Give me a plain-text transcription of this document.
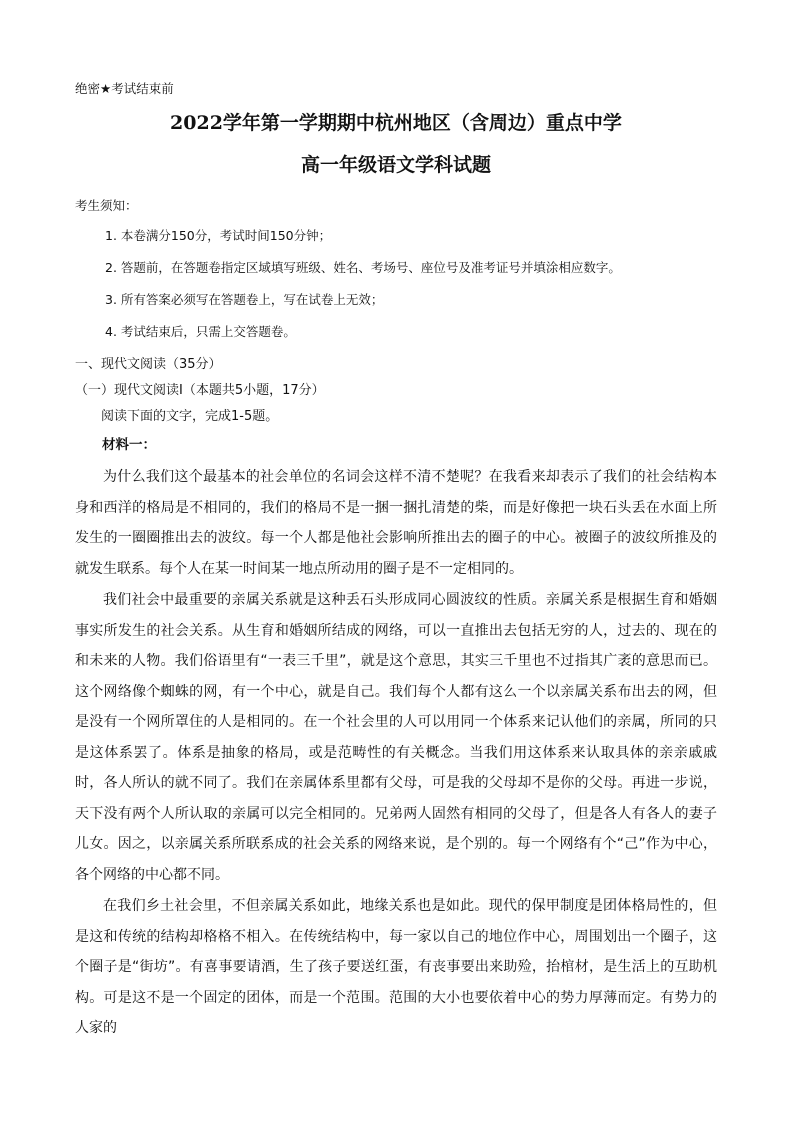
绝密★考试结束前

2022学年第一学期期中杭州地区（含周边）重点中学
高一年级语文学科试题

考生须知：

1. 本卷满分150分，考试时间150分钟；

2. 答题前，在答题卷指定区域填写班级、姓名、考场号、座位号及准考证号并填涂相应数字。

3. 所有答案必须写在答题卷上，写在试卷上无效；

4. 考试结束后，只需上交答题卷。

一、现代文阅读（35分）

（一）现代文阅读Ⅰ（本题共5小题，17分）

阅读下面的文字，完成1-5题。

材料一：

为什么我们这个最基本的社会单位的名词会这样不清不楚呢？在我看来却表示了我们的社会结构本身和西洋的格局是不相同的，我们的格局不是一捆一捆扎清楚的柴，而是好像把一块石头丢在水面上所发生的一圈圈推出去的波纹。每一个人都是他社会影响所推出去的圈子的中心。被圈子的波纹所推及的就发生联系。每个人在某一时间某一地点所动用的圈子是不一定相同的。

我们社会中最重要的亲属关系就是这种丢石头形成同心圆波纹的性质。亲属关系是根据生育和婚姻事实所发生的社会关系。从生育和婚姻所结成的网络，可以一直推出去包括无穷的人，过去的、现在的和未来的人物。我们俗语里有“一表三千里”，就是这个意思，其实三千里也不过指其广袤的意思而已。这个网络像个蜘蛛的网，有一个中心，就是自己。我们每个人都有这么一个以亲属关系布出去的网，但是没有一个网所罩住的人是相同的。在一个社会里的人可以用同一个体系来记认他们的亲属，所同的只是这体系罢了。体系是抽象的格局，或是范畴性的有关概念。当我们用这体系来认取具体的亲亲戚戚时，各人所认的就不同了。我们在亲属体系里都有父母，可是我的父母却不是你的父母。再进一步说，天下没有两个人所认取的亲属可以完全相同的。兄弟两人固然有相同的父母了，但是各人有各人的妻子儿女。因之，以亲属关系所联系成的社会关系的网络来说，是个别的。每一个网络有个“己”作为中心，各个网络的中心都不同。

在我们乡土社会里，不但亲属关系如此，地缘关系也是如此。现代的保甲制度是团体格局性的，但是这和传统的结构却格格不相入。在传统结构中，每一家以自己的地位作中心，周围划出一个圈子，这个圈子是“街坊”。有喜事要请酒，生了孩子要送红蛋，有丧事要出来助殓，抬棺材，是生活上的互助机构。可是这不是一个固定的团体，而是一个范围。范围的大小也要依着中心的势力厚薄而定。有势力的人家的
